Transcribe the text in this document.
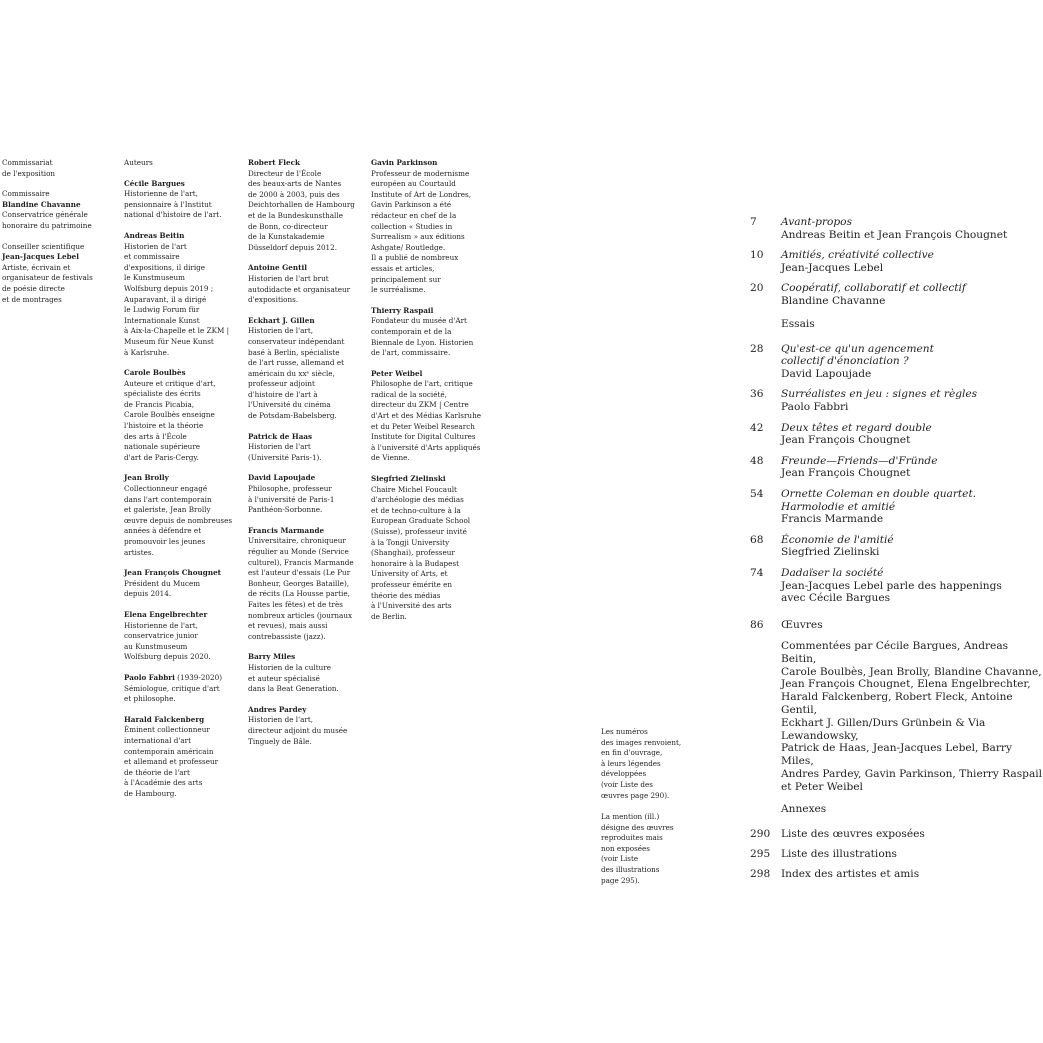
Commissariat
de l'exposition

Commissaire
Blandine Chavanne
Conservatrice générale
honoraire du patrimoine

Conseiller scientifique
Jean-Jacques Lebel
Artiste, écrivain et
organisateur de festivals
de poésie directe
et de montrages

Auteurs

Cécile Bargues
Historienne de l'art,
pensionnaire à l'Institut
national d'histoire de l'art.

Andreas Beitin
Historien de l'art
et commissaire
d'expositions, il dirige
le Kunstmuseum
Wolfsburg depuis 2019 ;
Auparavant, il a dirigé
le Ludwig Forum für
Internationale Kunst
à Aix-la-Chapelle et le ZKM |
Museum für Neue Kunst
à Karlsruhe.

Carole Boulbès
Auteure et critique d'art,
spécialiste des écrits
de Francis Picabia,
Carole Boulbès enseigne
l'histoire et la théorie
des arts à l'École
nationale supérieure
d'art de Paris-Cergy.

Jean Brolly
Collectionneur engagé
dans l'art contemporain
et galeriste, Jean Brolly
œuvre depuis de nombreuses
années à défendre et
promouvoir les jeunes
artistes.

Jean François Chougnet
Président du Mucem
depuis 2014.

Elena Engelbrechter
Historienne de l'art,
conservatrice junior
au Kunstmuseum
Wolfsburg depuis 2020.

Paolo Fabbri (1939-2020)
Sémiologue, critique d'art
et philosophe.

Harald Falckenberg
Éminent collectionneur
international d'art
contemporain américain
et allemand et professeur
de théorie de l'art
à l'Académie des arts
de Hambourg.

Robert Fleck
Directeur de l'École
des beaux-arts de Nantes
de 2000 à 2003, puis des
Deichtorhallen de Hambourg
et de la Bundeskunsthalle
de Bonn, co-directeur
de la Kunstakademie
Düsseldorf depuis 2012.

Antoine Gentil
Historien de l'art brut
autodidacte et organisateur
d'expositions.

Eckhart J. Gillen
Historien de l'art,
conservateur indépendant
basé à Berlin, spécialiste
de l'art russe, allemand et
américain du xxᵉ siècle,
professeur adjoint
d'histoire de l'art à
l'Université du cinéma
de Potsdam-Babelsberg.

Patrick de Haas
Historien de l'art
(Université Paris-1).

David Lapoujade
Philosophe, professeur
à l'université de Paris-1
Panthéon-Sorbonne.

Francis Marmande
Universitaire, chroniqueur
régulier au Monde (Service
culturel), Francis Marmande
est l'auteur d'essais (Le Pur
Bonheur, Georges Bataille),
de récits (La Housse partie,
Faites les fêtes) et de très
nombreux articles (journaux
et revues), mais aussi
contrebassiste (jazz).

Barry Miles
Historien de la culture
et auteur spécialisé
dans la Beat Generation.

Andres Pardey
Historien de l'art,
directeur adjoint du musée
Tinguely de Bâle.

Gavin Parkinson
Professeur de modernisme
européen au Courtauld
Institute of Art de Londres,
Gavin Parkinson a été
rédacteur en chef de la
collection « Studies in
Surrealism » aux éditions
Ashgate/ Routledge.
Il a publié de nombreux
essais et articles,
principalement sur
le surréalisme.

Thierry Raspail
Fondateur du musée d'Art
contemporain et de la
Biennale de Lyon. Historien
de l'art, commissaire.

Peter Weibel
Philosophe de l'art, critique
radical de la société,
directeur du ZKM | Centre
d'Art et des Médias Karlsruhe
et du Peter Weibel Research
Institute for Digital Cultures
à l'université d'Arts appliqués
de Vienne.

Siegfried Zielinski
Chaire Michel Foucault
d'archéologie des médias
et de techno-culture à la
European Graduate School
(Suisse), professeur invité
à la Tongji University
(Shanghai), professeur
honoraire à la Budapest
University of Arts, et
professeur émérite en
théorie des médias
à l'Université des arts
de Berlin.

Les numéros
des images renvoient,
en fin d'ouvrage,
à leurs légendes
développées
(voir Liste des
œuvres page 290).
La mention (ill.)
désigne des œuvres
reproduites mais
non exposées
(voir Liste
des illustrations
page 295).
7	Avant-propos
Andreas Beitin et Jean François Chougnet
10	Amitiés, créativité collective
Jean-Jacques Lebel
20	Coopératif, collaboratif et collectif
Blandine Chavanne
Essais
28	Qu'est-ce qu'un agencement
collectif d'énonciation ?
David Lapoujade
36	Surréalistes en jeu : signes et règles
Paolo Fabbri
42	Deux têtes et regard double
Jean François Chougnet
48	Freunde—Friends—d'Fründe
Jean François Chougnet
54	Ornette Coleman en double quartet.
Harmolodie et amitié
Francis Marmande
68	Économie de l'amitié
Siegfried Zielinski
74	Dadaïser la société
Jean-Jacques Lebel parle des happenings
avec Cécile Bargues
86	Œuvres
Commentées par Cécile Bargues, Andreas Beitin,
Carole Boulbès, Jean Brolly, Blandine Chavanne,
Jean François Chougnet, Elena Engelbrechter,
Harald Falckenberg, Robert Fleck, Antoine Gentil,
Eckhart J. Gillen/Durs Grünbein & Via Lewandowsky,
Patrick de Haas, Jean-Jacques Lebel, Barry Miles,
Andres Pardey, Gavin Parkinson, Thierry Raspail
et Peter Weibel
Annexes
290	Liste des œuvres exposées
295	Liste des illustrations
298	Index des artistes et amis
